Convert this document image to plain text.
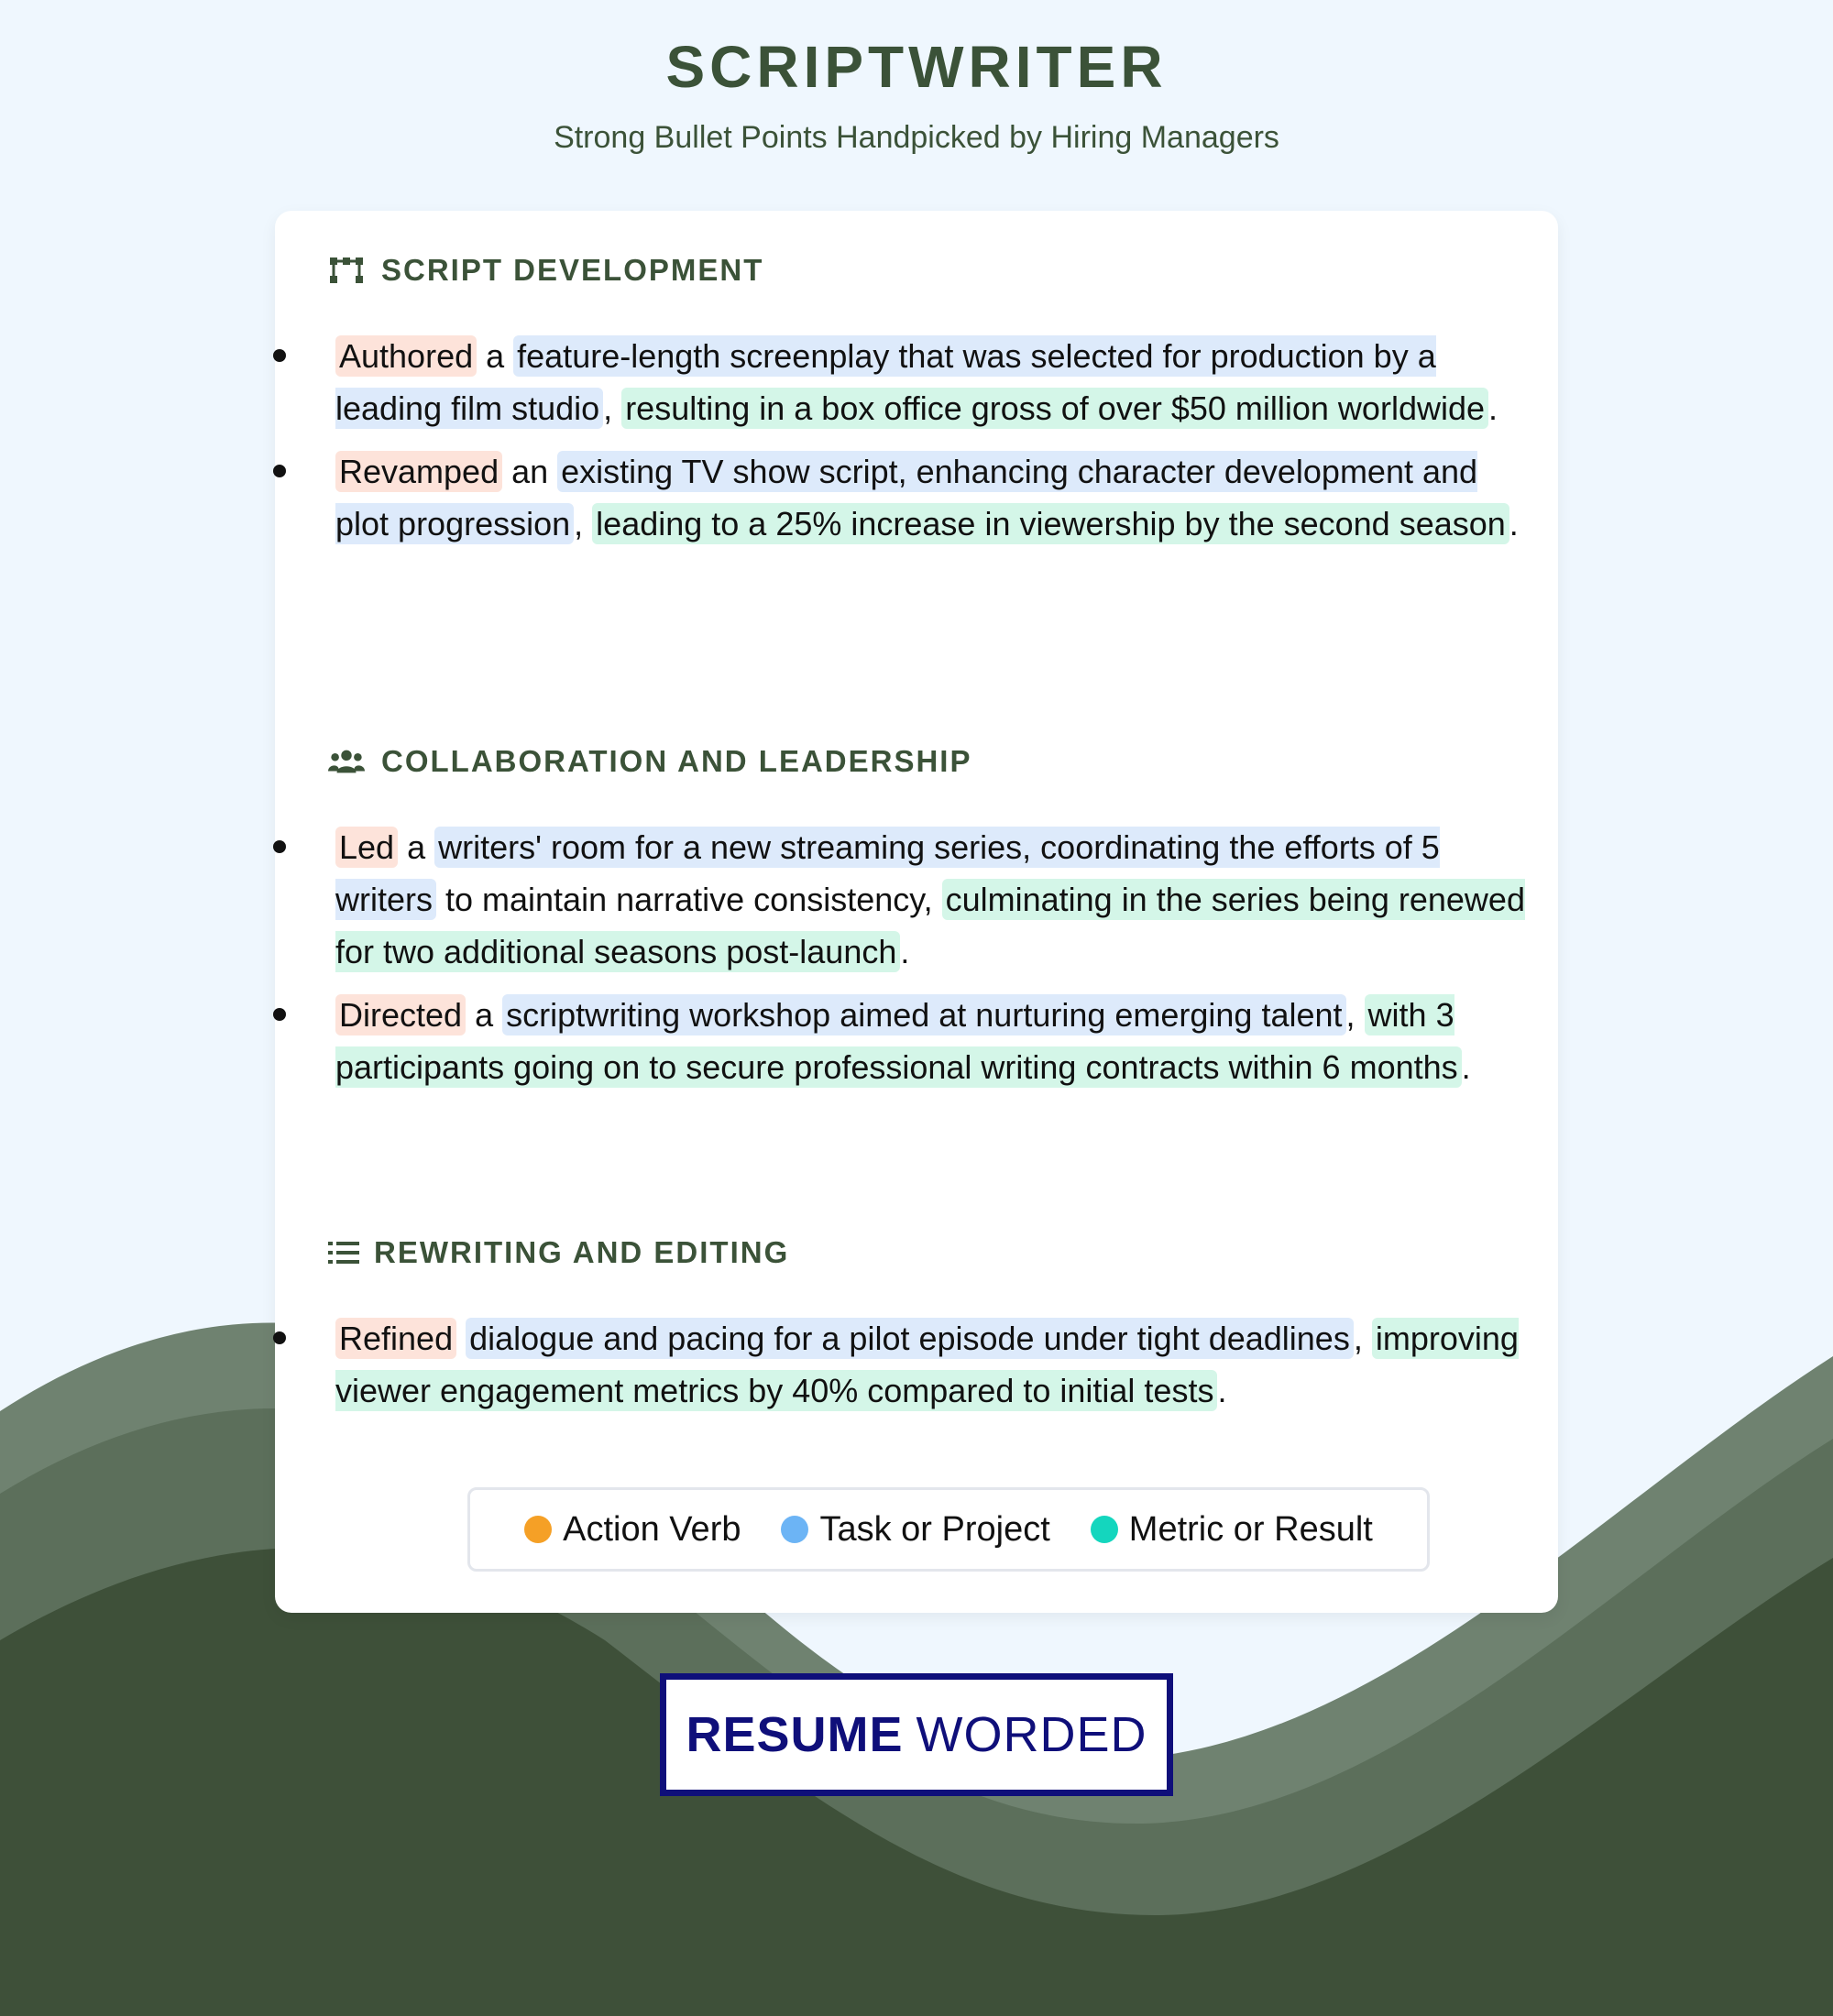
SCRIPTWRITER
Strong Bullet Points Handpicked by Hiring Managers
SCRIPT DEVELOPMENT
Authored a feature-length screenplay that was selected for production by a leading film studio , resulting in a box office gross of over $50 million worldwide .
Revamped an existing TV show script, enhancing character development and plot progression , leading to a 25% increase in viewership by the second season .
COLLABORATION AND LEADERSHIP
Led a writers' room for a new streaming series, coordinating the efforts of 5 writers to maintain narrative consistency, culminating in the series being renewed for two additional seasons post-launch .
Directed a scriptwriting workshop aimed at nurturing emerging talent , with 3 participants going on to secure professional writing contracts within 6 months .
REWRITING AND EDITING
Refined dialogue and pacing for a pilot episode under tight deadlines , improving viewer engagement metrics by 40% compared to initial tests .
Action Verb Task or Project Metric or Result
RESUME WORDED
